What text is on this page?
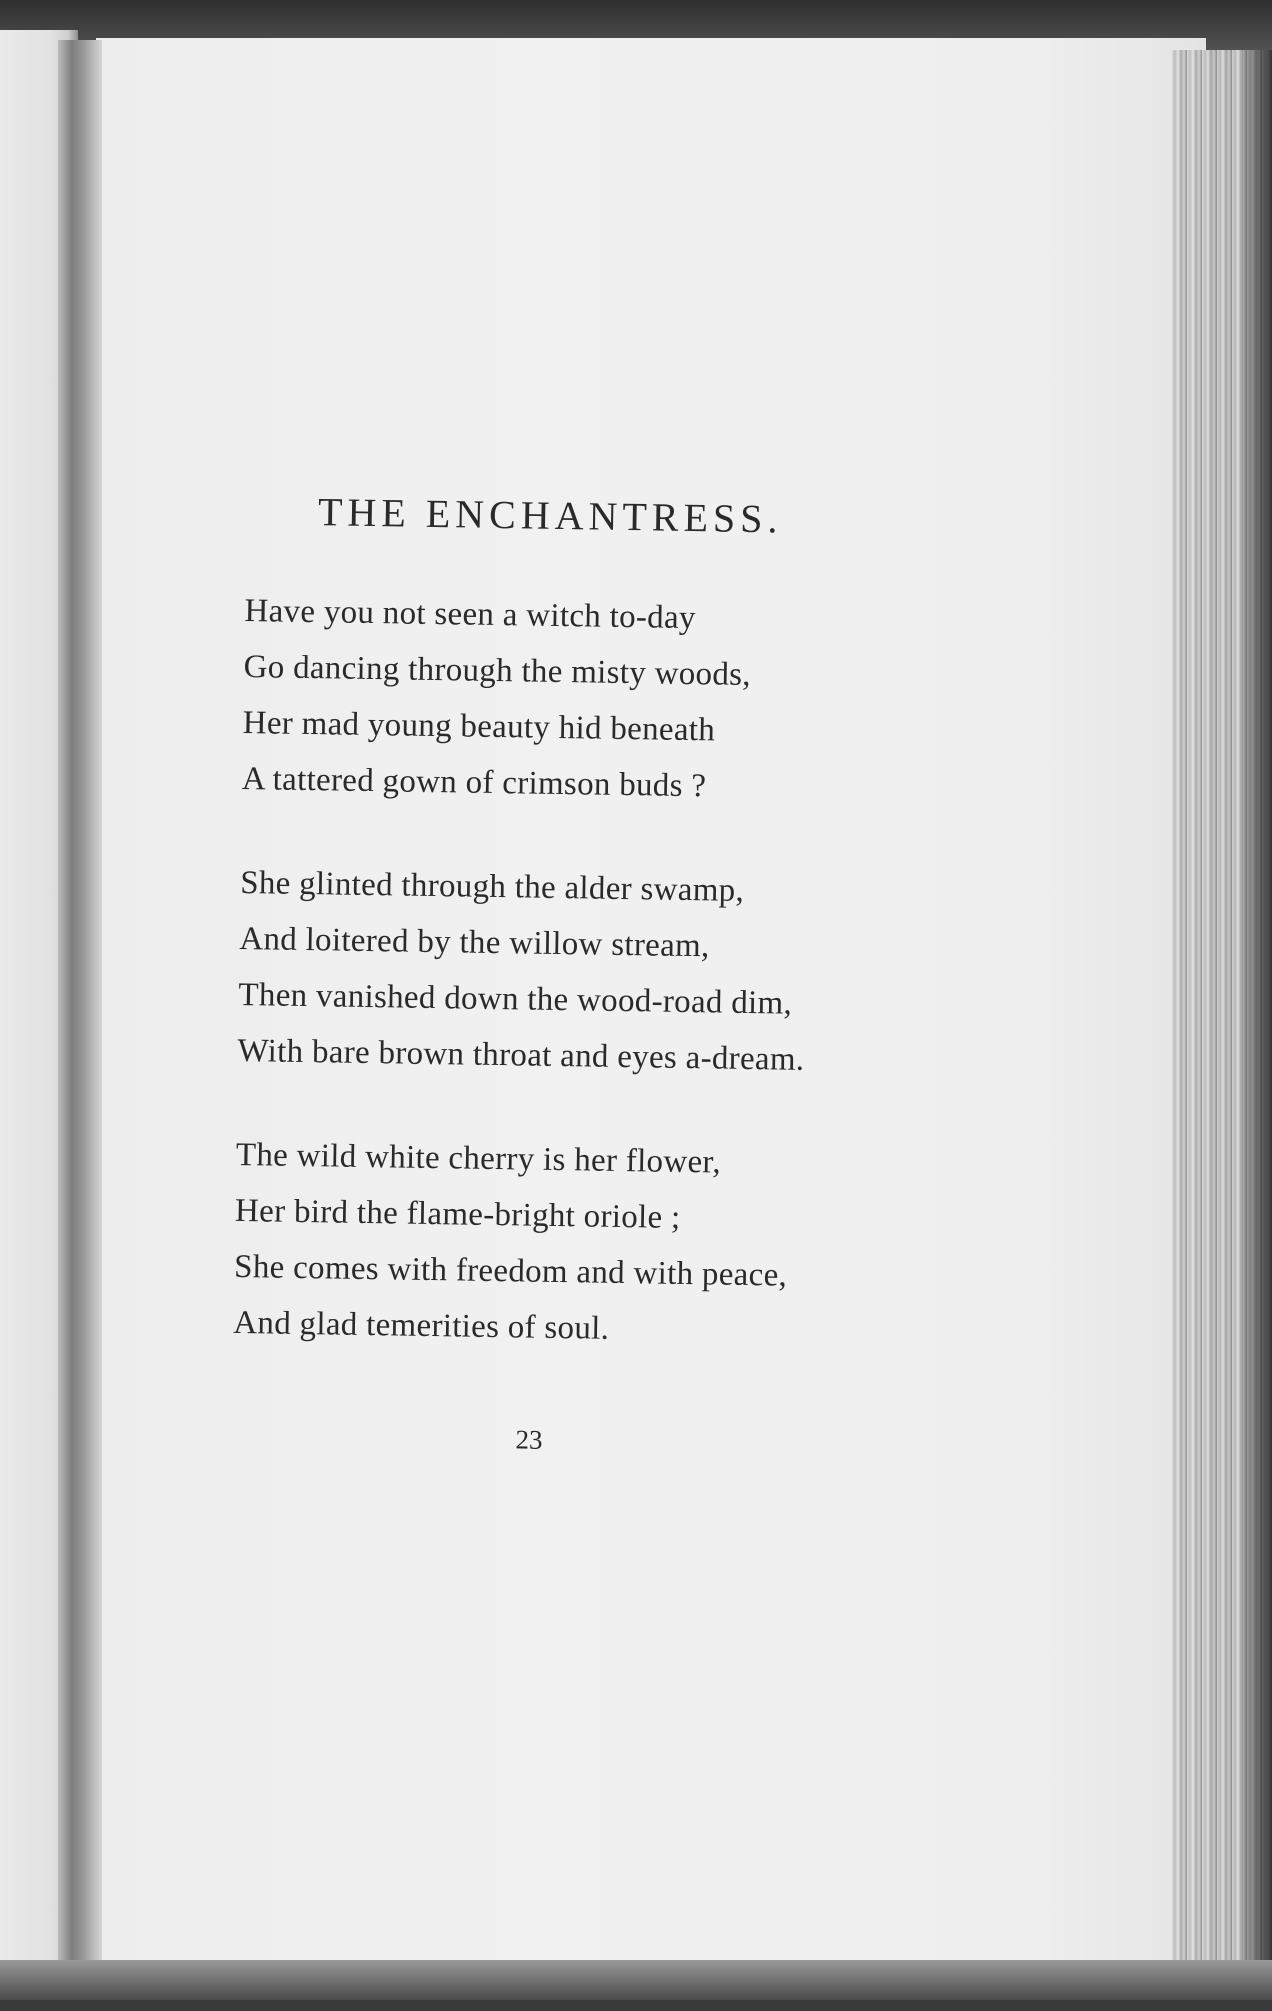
THE ENCHANTRESS.
Have you not seen a witch to-day
Go dancing through the misty woods,
Her mad young beauty hid beneath
A tattered gown of crimson buds ?
She glinted through the alder swamp,
And loitered by the willow stream,
Then vanished down the wood-road dim,
With bare brown throat and eyes a-dream.
The wild white cherry is her flower,
Her bird the flame-bright oriole ;
She comes with freedom and with peace,
And glad temerities of soul.

23
